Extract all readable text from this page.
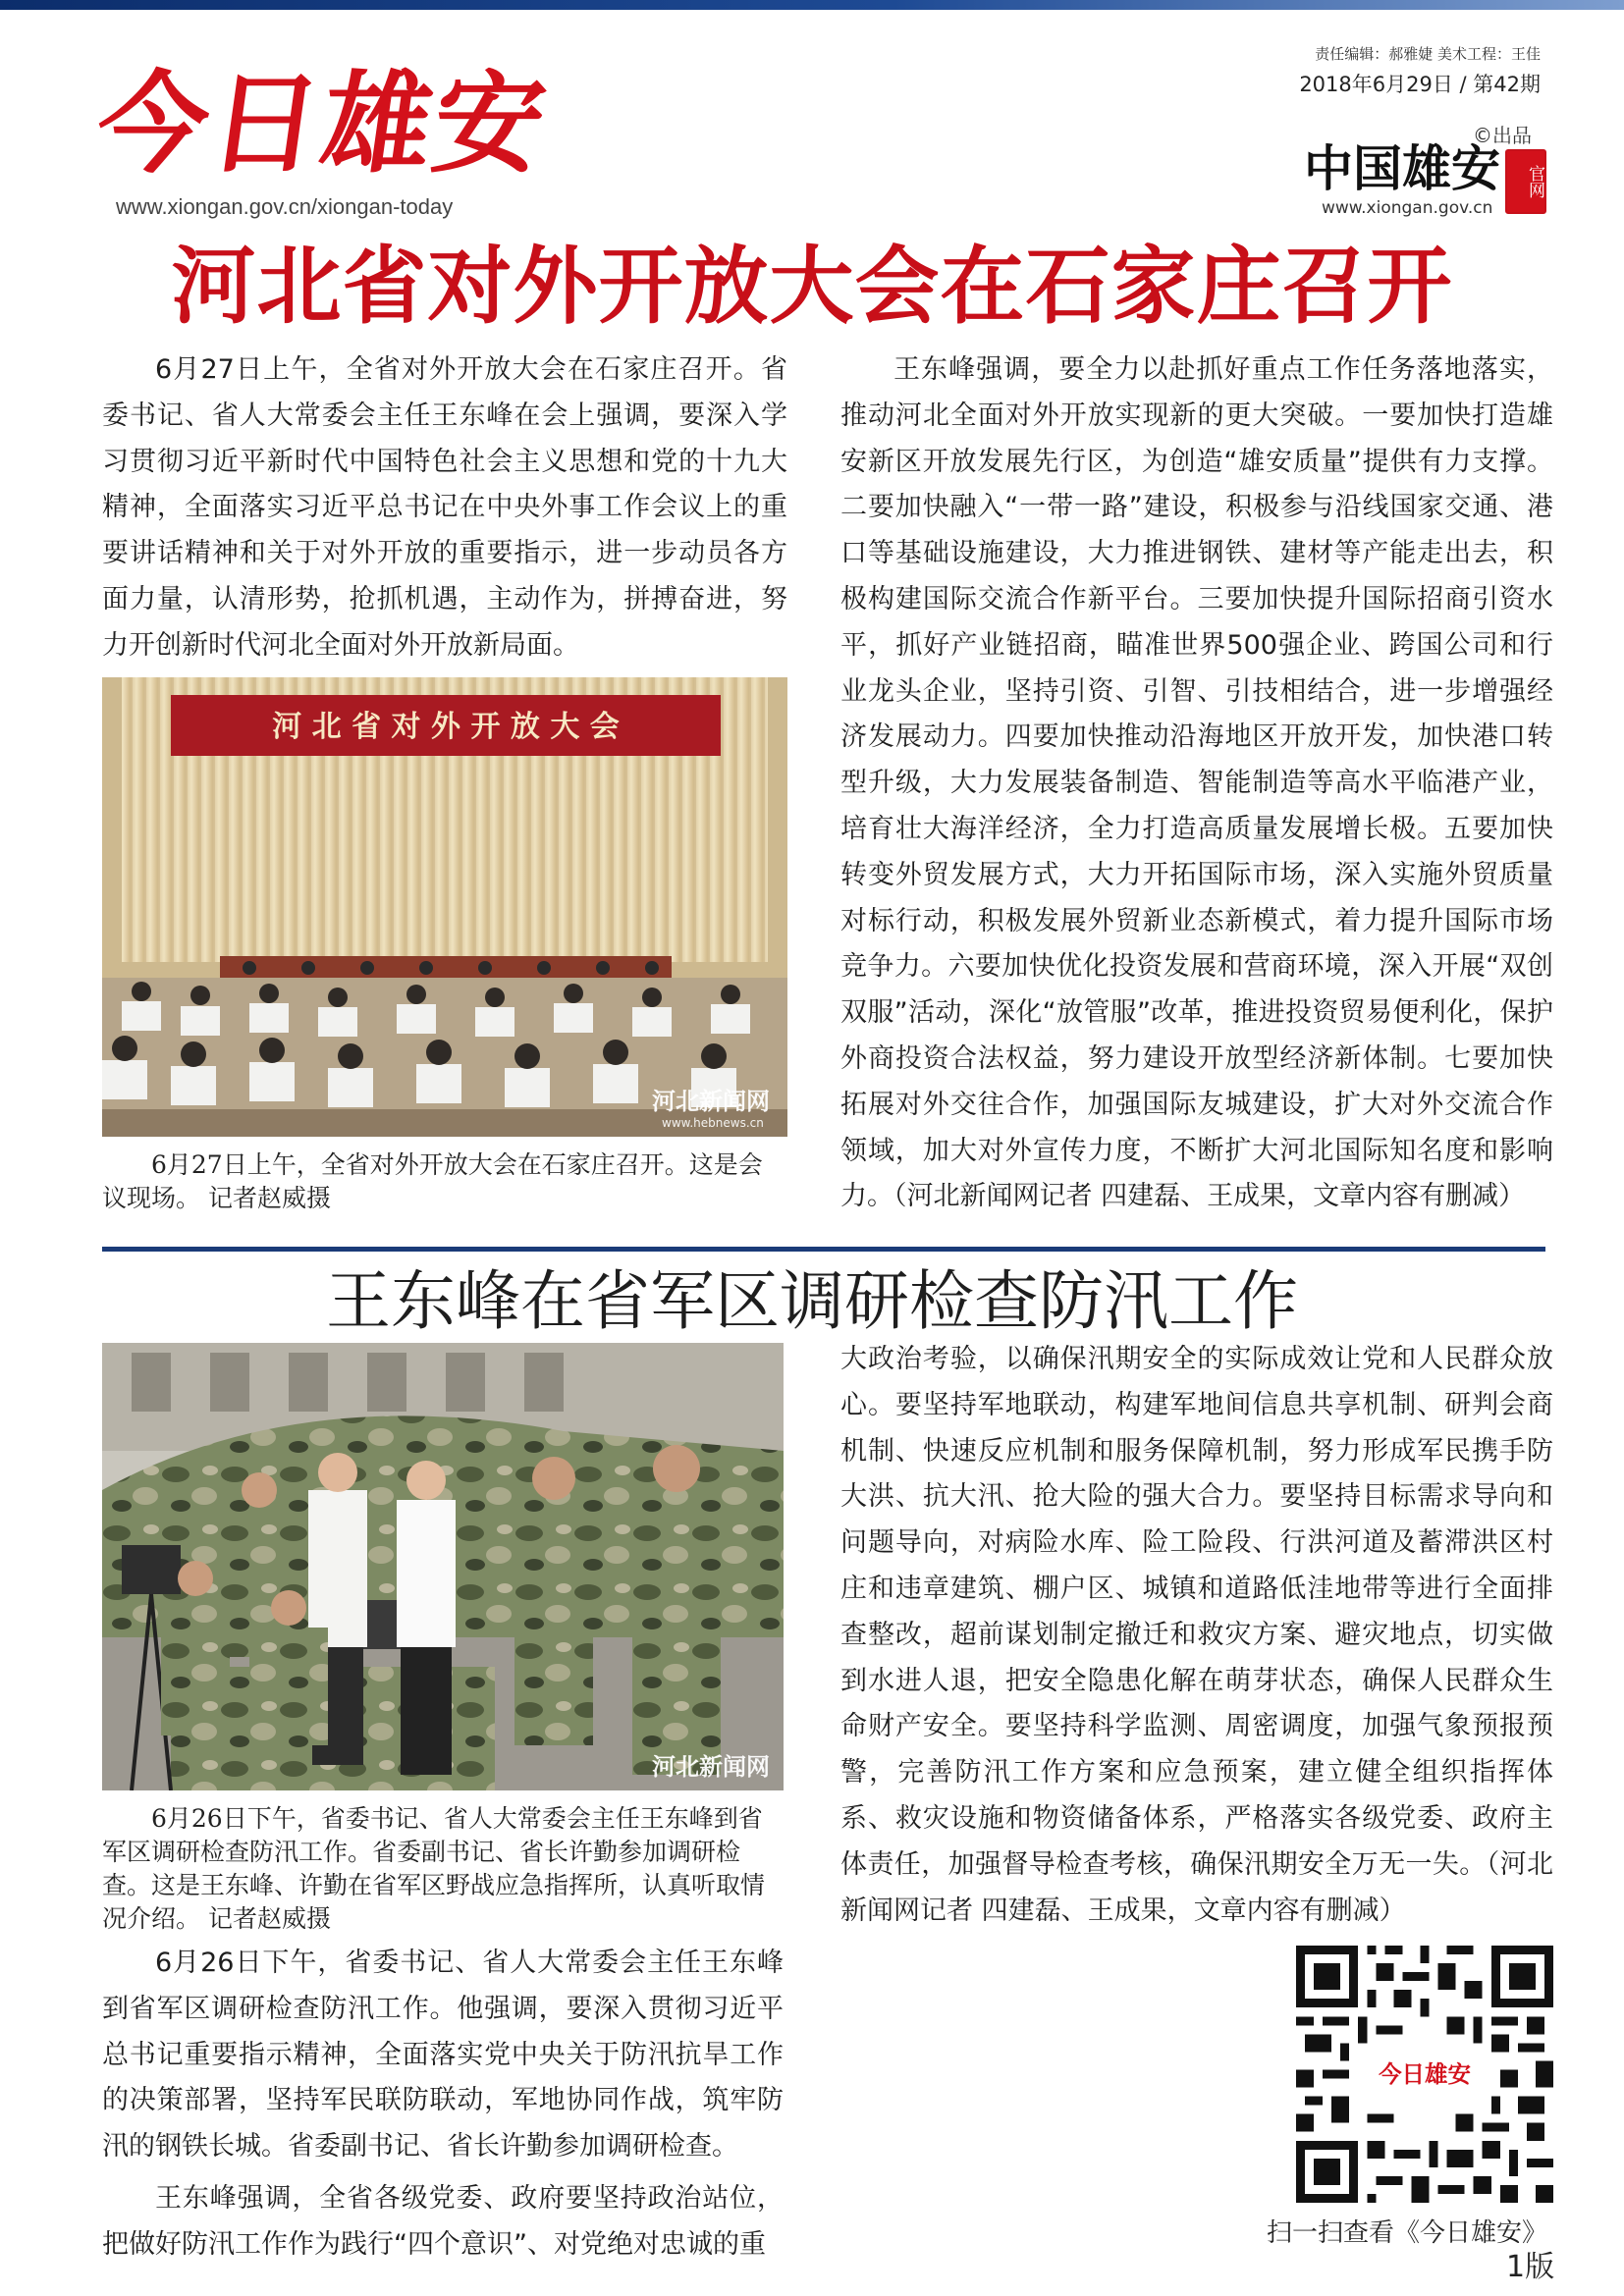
今日雄安
www.xiongan.gov.cn/xiongan-today
责任编辑：郝雅婕 美术工程：王佳
2018年6月29日 / 第42期
©出品
中国雄安	官网
www.xiongan.gov.cn
河北省对外开放大会在石家庄召开

6月27日上午，全省对外开放大会在石家庄召开。省委书记、省人大常委会主任王东峰在会上强调，要深入学习贯彻习近平新时代中国特色社会主义思想和党的十九大精神，全面落实习近平总书记在中央外事工作会议上的重要讲话精神和关于对外开放的重要指示，进一步动员各方面力量，认清形势，抢抓机遇，主动作为，拼搏奋进，努力开创新时代河北全面对外开放新局面。

河 北 省 对 外 开 放 大 会
河北新闻网
www.hebnews.cn

6月27日上午，全省对外开放大会在石家庄召开。这是会议现场。 记者赵威摄

王东峰强调，要全力以赴抓好重点工作任务落地落实，推动河北全面对外开放实现新的更大突破。一要加快打造雄安新区开放发展先行区，为创造“雄安质量”提供有力支撑。二要加快融入“一带一路”建设，积极参与沿线国家交通、港口等基础设施建设，大力推进钢铁、建材等产能走出去，积极构建国际交流合作新平台。三要加快提升国际招商引资水平，抓好产业链招商，瞄准世界500强企业、跨国公司和行业龙头企业，坚持引资、引智、引技相结合，进一步增强经济发展动力。四要加快推动沿海地区开放开发，加快港口转型升级，大力发展装备制造、智能制造等高水平临港产业，培育壮大海洋经济，全力打造高质量发展增长极。五要加快转变外贸发展方式，大力开拓国际市场，深入实施外贸质量对标行动，积极发展外贸新业态新模式，着力提升国际市场竞争力。六要加快优化投资发展和营商环境，深入开展“双创双服”活动，深化“放管服”改革，推进投资贸易便利化，保护外商投资合法权益，努力建设开放型经济新体制。七要加快拓展对外交往合作，加强国际友城建设，扩大对外交流合作领域，加大对外宣传力度，不断扩大河北国际知名度和影响力。（河北新闻网记者 四建磊、王成果，文章内容有删减）

王东峰在省军区调研检查防汛工作
河北新闻网

6月26日下午，省委书记、省人大常委会主任王东峰到省军区调研检查防汛工作。省委副书记、省长许勤参加调研检查。这是王东峰、许勤在省军区野战应急指挥所，认真听取情况介绍。 记者赵威摄

6月26日下午，省委书记、省人大常委会主任王东峰到省军区调研检查防汛工作。他强调，要深入贯彻习近平总书记重要指示精神，全面落实党中央关于防汛抗旱工作的决策部署，坚持军民联防联动，军地协同作战，筑牢防汛的钢铁长城。省委副书记、省长许勤参加调研检查。

王东峰强调，全省各级党委、政府要坚持政治站位，把做好防汛工作作为践行“四个意识”、对党绝对忠诚的重

大政治考验，以确保汛期安全的实际成效让党和人民群众放心。要坚持军地联动，构建军地间信息共享机制、研判会商机制、快速反应机制和服务保障机制，努力形成军民携手防大洪、抗大汛、抢大险的强大合力。要坚持目标需求导向和问题导向，对病险水库、险工险段、行洪河道及蓄滞洪区村庄和违章建筑、棚户区、城镇和道路低洼地带等进行全面排查整改，超前谋划制定撤迁和救灾方案、避灾地点，切实做到水进人退，把安全隐患化解在萌芽状态，确保人民群众生命财产安全。要坚持科学监测、周密调度，加强气象预报预警，完善防汛工作方案和应急预案，建立健全组织指挥体系、救灾设施和物资储备体系，严格落实各级党委、政府主体责任，加强督导检查考核，确保汛期安全万无一失。（河北新闻网记者 四建磊、王成果，文章内容有删减）

今日雄安
扫一扫查看《今日雄安》
1版
